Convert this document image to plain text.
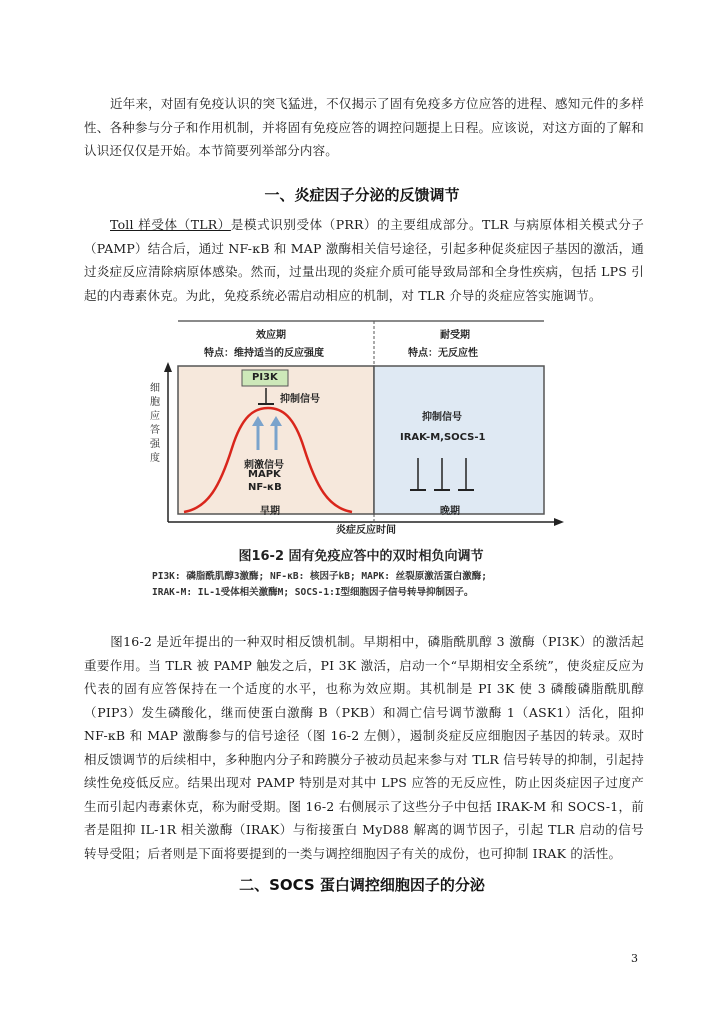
近年来，对固有免疫认识的突飞猛进，不仅揭示了固有免疫多方位应答的进程、感知元件的多样性、各种参与分子和作用机制，并将固有免疫应答的调控问题提上日程。应该说，对这方面的了解和认识还仅仅是开始。本节简要列举部分内容。

一、炎症因子分泌的反馈调节

Toll 样受体（TLR）是模式识别受体（PRR）的主要组成部分。TLR 与病原体相关模式分子（PAMP）结合后，通过 NF-κB 和 MAP 激酶相关信号途径，引起多种促炎症因子基因的激活，通过炎症反应清除病原体感染。然而，过量出现的炎症介质可能导致局部和全身性疾病，包括 LPS 引起的内毒素休克。为此，免疫系统必需启动相应的机制，对 TLR 介导的炎症应答实施调节。

效应期
特点：维持适当的反应强度
耐受期
特点：无反应性
PI3K
抑制信号
刺激信号
MAPK
NF-κB
抑制信号
IRAK-M,SOCS-1
细胞应答强度
早期	晚期
炎症反应时间
图16-2 固有免疫应答中的双时相负向调节
PI3K: 磷脂酰肌醇3激酶; NF-κB: 核因子kB; MAPK: 丝裂原激活蛋白激酶;
IRAK-M: IL-1受体相关激酶M; SOCS-1:I型细胞因子信号转导抑制因子。

图16-2 是近年提出的一种双时相反馈机制。早期相中，磷脂酰肌醇 3 激酶（PI3K）的激活起重要作用。当 TLR 被 PAMP 触发之后，PI 3K 激活，启动一个“早期相安全系统”，使炎症反应为代表的固有应答保持在一个适度的水平，也称为效应期。其机制是 PI 3K 使 3 磷酸磷脂酰肌醇（PIP3）发生磷酸化，继而使蛋白激酶 B（PKB）和凋亡信号调节激酶 1（ASK1）活化，阻抑 NF-κB 和 MAP 激酶参与的信号途径（图 16-2 左侧），遏制炎症反应细胞因子基因的转录。双时相反馈调节的后续相中，多种胞内分子和跨膜分子被动员起来参与对 TLR 信号转导的抑制，引起持续性免疫低反应。结果出现对 PAMP 特别是对其中 LPS 应答的无反应性，防止因炎症因子过度产生而引起内毒素休克，称为耐受期。图 16-2 右侧展示了这些分子中包括 IRAK-M 和 SOCS-1，前者是阻抑 IL-1R 相关激酶（IRAK）与衔接蛋白 MyD88 解离的调节因子，引起 TLR 启动的信号转导受阻；后者则是下面将要提到的一类与调控细胞因子有关的成份，也可抑制 IRAK 的活性。

二、SOCS 蛋白调控细胞因子的分泌
3
